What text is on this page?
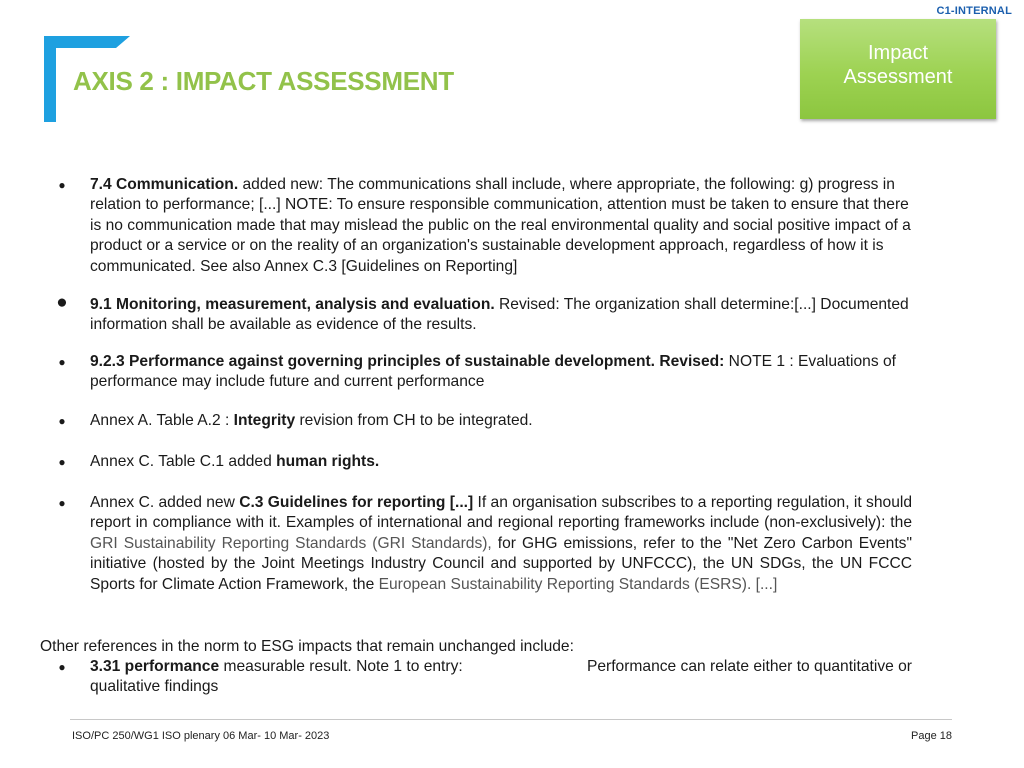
C1-INTERNAL
AXIS 2 : IMPACT ASSESSMENT
Impact Assessment
● 7.4 Communication. added new: The communications shall include, where appropriate, the following: g) progress in relation to performance; [...] NOTE: To ensure responsible communication, attention must be taken to ensure that there is no communication made that may mislead the public on the real environmental quality and social positive impact of a product or a service or on the reality of an organization's sustainable development approach, regardless of how it is communicated. See also Annex C.3 [Guidelines on Reporting]
● 9.1 Monitoring, measurement, analysis and evaluation. Revised: The organization shall determine:[...] Documented information shall be available as evidence of the results.
● 9.2.3 Performance against governing principles of sustainable development. Revised: NOTE 1 : Evaluations of performance may include future and current performance
● Annex A. Table A.2 : Integrity revision from CH to be integrated.
● Annex C. Table C.1 added human rights.
● Annex C. added new C.3 Guidelines for reporting [...] If an organisation subscribes to a reporting regulation, it should report in compliance with it. Examples of international and regional reporting frameworks include (non-exclusively): the GRI Sustainability Reporting Standards (GRI Standards), for GHG emissions, refer to the "Net Zero Carbon Events" initiative (hosted by the Joint Meetings Industry Council and supported by UNFCCC), the UN SDGs, the UN FCCC Sports for Climate Action Framework, the European Sustainability Reporting Standards (ESRS). [...]
Other references in the norm to ESG impacts that remain unchanged include:
● 3.31 performance measurable result. Note 1 to entry:	Performance can relate either to quantitative or

qualitative findings
ISO/PC 250/WG1 ISO plenary 06 Mar- 10 Mar- 2023	Page 18
